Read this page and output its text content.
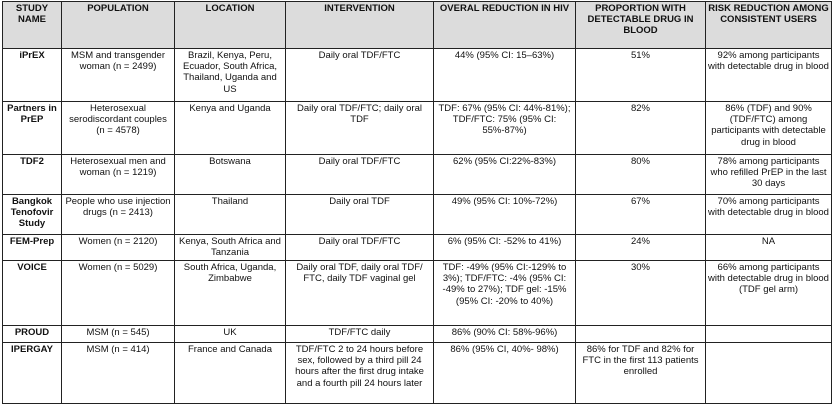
STUDY NAME	POPULATION	LOCATION	INTERVENTION	OVERAL REDUCTION IN HIV	PROPORTION WITH DETECTABLE DRUG IN BLOOD	RISK REDUCTION AMONG CONSISTENT USERS
iPrEX	MSM and transgender woman (n = 2499)	Brazil, Kenya, Peru, Ecuador, South Africa, Thailand, Uganda and US	Daily oral TDF/FTC	44% (95% CI: 15–63%)	51%	92% among participants with detectable drug in blood
Partners in PrEP	Heterosexual serodiscordant couples (n = 4578)	Kenya and Uganda	Daily oral TDF/FTC; daily oral TDF	TDF: 67% (95% CI: 44%-81%); TDF/FTC: 75% (95% CI: 55%-87%)	82%	86% (TDF) and 90% (TDF/FTC) among participants with detectable drug in blood
TDF2	Heterosexual men and woman (n = 1219)	Botswana	Daily oral TDF/FTC	62% (95% CI:22%-83%)	80%	78% among participants who refilled PrEP in the last 30 days
Bangkok Tenofovir Study	People who use injection drugs (n = 2413)	Thailand	Daily oral TDF	49% (95% CI: 10%-72%)	67%	70% among participants with detectable drug in blood
FEM-Prep	Women (n = 2120)	Kenya, South Africa and Tanzania	Daily oral TDF/FTC	6% (95% CI: -52% to 41%)	24%	NA
VOICE	Women (n = 5029)	South Africa, Uganda, Zimbabwe	Daily oral TDF, daily oral TDF/ FTC, daily TDF vaginal gel	TDF: -49% (95% CI:-129% to 3%); TDF/FTC: -4% (95% CI: -49% to 27%); TDF gel: -15% (95% CI: -20% to 40%)	30%	66% among participants with detectable drug in blood (TDF gel arm)
PROUD	MSM (n = 545)	UK	TDF/FTC daily	86% (90% CI: 58%-96%)		
IPERGAY	MSM (n = 414)	France and Canada	TDF/FTC 2 to 24 hours before sex, followed by a third pill 24 hours after the first drug intake and a fourth pill 24 hours later	86% (95% CI, 40%- 98%)	86% for TDF and 82% for FTC in the first 113 patients enrolled	
